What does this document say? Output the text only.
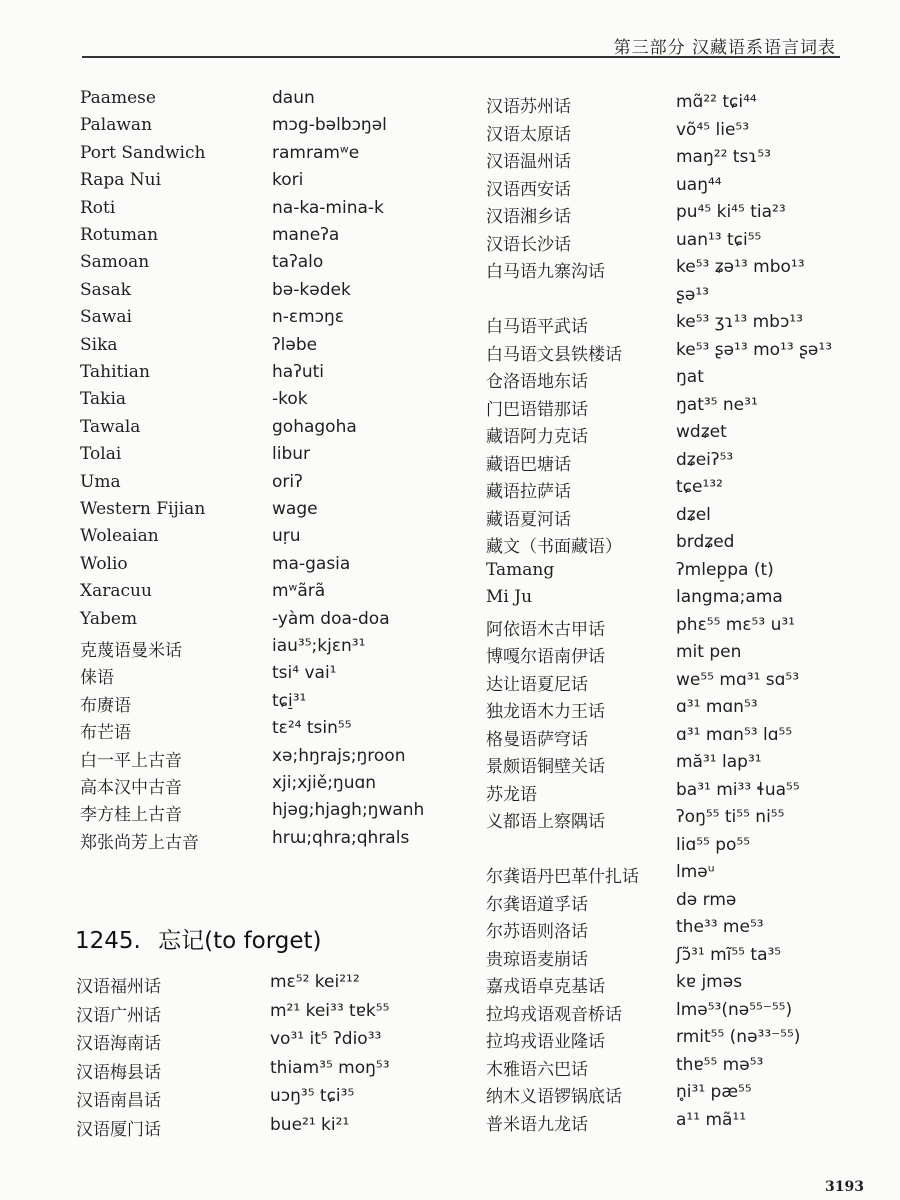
第三部分 汉藏语系语言词表
Paamese	daun
Palawan	mɔg-bəlbɔŋəl
Port Sandwich	ramramʷe
Rapa Nui	kori
Roti	na-ka-mina-k
Rotuman	maneʔa
Samoan	taʔalo
Sasak	bə-kədek
Sawai	n-ɛmɔŋɛ
Sika	ʔləbe
Tahitian	haʔuti
Takia	-kok
Tawala	gohagoha
Tolai	libur
Uma	oriʔ
Western Fijian	wage
Woleaian	uṛu
Wolio	ma-gasia
Xaracuu	mʷãrã
Yabem	-yàm doa-doa
克蔑语曼米话	iau³⁵;kjɛn³¹
俫语	tsi⁴ vai¹
布赓语	tɕi̠³¹
布芒语	tɛ²⁴ tsin⁵⁵
白一平上古音	xə;hŋrajs;ŋroon
高本汉中古音	xji;xjiě;ŋuɑn
李方桂上古音	hjəg;hjagh;ŋwanh
郑张尚芳上古音	hrɯ;qhra;qhrals
1245. 忘记(to forget)
汉语福州话	mɛ⁵² kei²¹²
汉语广州话	m²¹ kei³³ tɐk⁵⁵
汉语海南话	vo³¹ it⁵ ʔdio³³
汉语梅县话	thiam³⁵ moŋ⁵³
汉语南昌话	uɔŋ³⁵ tɕi³⁵
汉语厦门话	bue²¹ ki²¹
汉语苏州话	mɑ̃²² tɕi⁴⁴
汉语太原话	võ⁴⁵ lie⁵³
汉语温州话	maŋ²² tsɿ⁵³
汉语西安话	uaŋ⁴⁴
汉语湘乡话	pu⁴⁵ ki⁴⁵ tia²³
汉语长沙话	uan¹³ tɕi⁵⁵
白马语九寨沟话	ke⁵³ ʑə¹³ mbo¹³
ʂə¹³
白马语平武话	ke⁵³ ʒɿ¹³ mbɔ¹³
白马语文县铁楼话	ke⁵³ ʂə¹³ mo¹³ ʂə¹³
仓洛语地东话	ŋat
门巴语错那话	ŋat³⁵ ne³¹
藏语阿力克话	wdʑet
藏语巴塘话	dʑeiʔ⁵³
藏语拉萨话	tɕe¹³²
藏语夏河话	dʑel
藏文（书面藏语）	brdʑed
Tamang	ʔmlep̠pa (t)
Mi Ju	langma;ama
阿依语木古甲话	phɛ⁵⁵ mɛ⁵³ u³¹
博嘎尔语南伊话	mit pen
达让语夏尼话	we⁵⁵ mɑ³¹ sɑ⁵³
独龙语木力王话	ɑ³¹ mɑn⁵³
格曼语萨穹话	ɑ³¹ mɑn⁵³ lɑ⁵⁵
景颇语铜壁关话	mă³¹ lap³¹
苏龙语	ba³¹ mi³³ ɬua⁵⁵
义都语上察隅话	ʔoŋ⁵⁵ ti⁵⁵ ni⁵⁵
liɑ⁵⁵ po⁵⁵
尔龚语丹巴革什扎话 lməᵘ
尔龚语道孚话	də rmə
尔苏语则洛话	the³³ me⁵³
贵琼语麦崩话	ʃɔ̃³¹ mĩ⁵⁵ ta³⁵
嘉戎语卓克基话	kɐ jməs
拉坞戎语观音桥话	lmə⁵³(nə⁵⁵⁻⁵⁵)
拉坞戎语业隆话	rmit⁵⁵ (nə³³⁻⁵⁵)
木雅语六巴话	thɐ⁵⁵ mə⁵³
纳木义语锣锅底话	n̥i³¹ pæ⁵⁵
普米语九龙话	a¹¹ mã¹¹
3193
